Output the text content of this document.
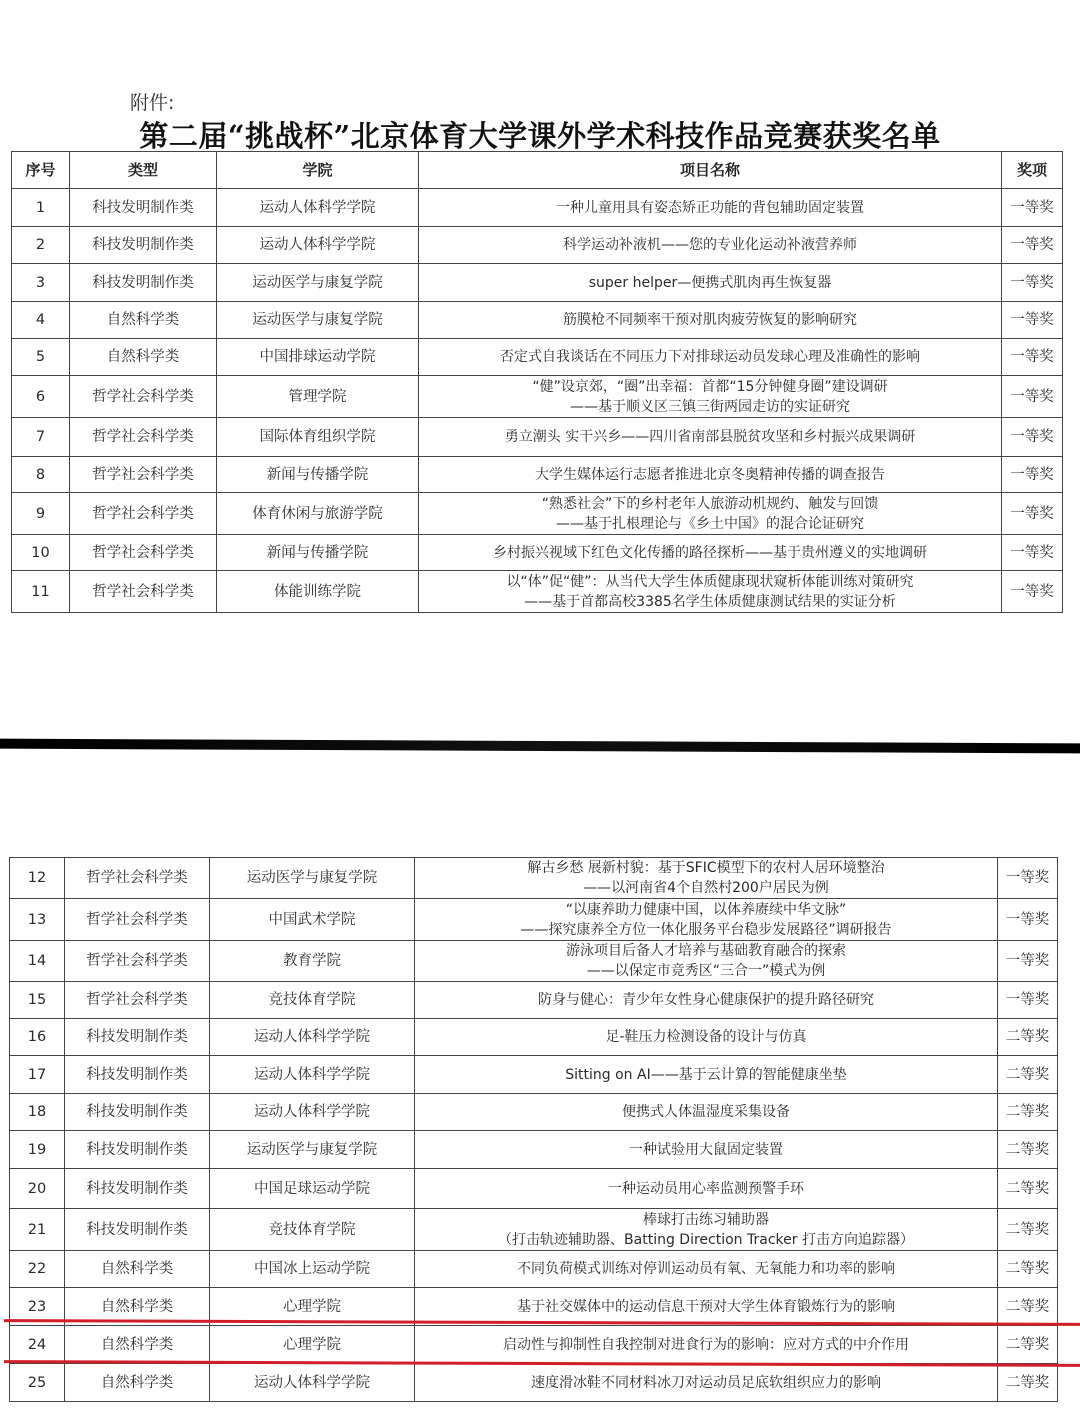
附件:
第二届“挑战杯”北京体育大学课外学术科技作品竞赛获奖名单
序号	类型	学院	项目名称	奖项
1	科技发明制作类	运动人体科学学院	一种儿童用具有姿态矫正功能的背包辅助固定装置	一等奖
2	科技发明制作类	运动人体科学学院	科学运动补液机——您的专业化运动补液营养师	一等奖
3	科技发明制作类	运动医学与康复学院	super helper—便携式肌肉再生恢复器	一等奖
4	自然科学类	运动医学与康复学院	筋膜枪不同频率干预对肌肉疲劳恢复的影响研究	一等奖
5	自然科学类	中国排球运动学院	否定式自我谈话在不同压力下对排球运动员发球心理及准确性的影响	一等奖
6	哲学社会科学类	管理学院	“健”设京郊，“圈”出幸福：首都“15分钟健身圈”建设调研
——基于顺义区三镇三街两园走访的实证研究	一等奖
7	哲学社会科学类	国际体育组织学院	勇立潮头 实干兴乡——四川省南部县脱贫攻坚和乡村振兴成果调研	一等奖
8	哲学社会科学类	新闻与传播学院	大学生媒体运行志愿者推进北京冬奥精神传播的调查报告	一等奖
9	哲学社会科学类	体育休闲与旅游学院	“熟悉社会”下的乡村老年人旅游动机规约、触发与回馈
——基于扎根理论与《乡土中国》的混合论证研究	一等奖
10	哲学社会科学类	新闻与传播学院	乡村振兴视域下红色文化传播的路径探析——基于贵州遵义的实地调研	一等奖
11	哲学社会科学类	体能训练学院	以“体”促“健”：从当代大学生体质健康现状窥析体能训练对策研究
——基于首都高校3385名学生体质健康测试结果的实证分析	一等奖
12	哲学社会科学类	运动医学与康复学院	解古乡愁 展新村貌：基于SFIC模型下的农村人居环境整治
——以河南省4个自然村200户居民为例	一等奖
13	哲学社会科学类	中国武术学院	“以康养助力健康中国，以体养赓续中华文脉”
——探究康养全方位一体化服务平台稳步发展路径”调研报告	一等奖
14	哲学社会科学类	教育学院	游泳项目后备人才培养与基础教育融合的探索
——以保定市竞秀区“三合一”模式为例	一等奖
15	哲学社会科学类	竞技体育学院	防身与健心：青少年女性身心健康保护的提升路径研究	一等奖
16	科技发明制作类	运动人体科学学院	足-鞋压力检测设备的设计与仿真	二等奖
17	科技发明制作类	运动人体科学学院	Sitting on AI——基于云计算的智能健康坐垫	二等奖
18	科技发明制作类	运动人体科学学院	便携式人体温湿度采集设备	二等奖
19	科技发明制作类	运动医学与康复学院	一种试验用大鼠固定装置	二等奖
20	科技发明制作类	中国足球运动学院	一种运动员用心率监测预警手环	二等奖
21	科技发明制作类	竞技体育学院	棒球打击练习辅助器
（打击轨迹辅助器、Batting Direction Tracker 打击方向追踪器）	二等奖
22	自然科学类	中国冰上运动学院	不同负荷模式训练对停训运动员有氧、无氧能力和功率的影响	二等奖
23	自然科学类	心理学院	基于社交媒体中的运动信息干预对大学生体育锻炼行为的影响	二等奖
24	自然科学类	心理学院	启动性与抑制性自我控制对进食行为的影响：应对方式的中介作用	二等奖
25	自然科学类	运动人体科学学院	速度滑冰鞋不同材料冰刀对运动员足底软组织应力的影响	二等奖
